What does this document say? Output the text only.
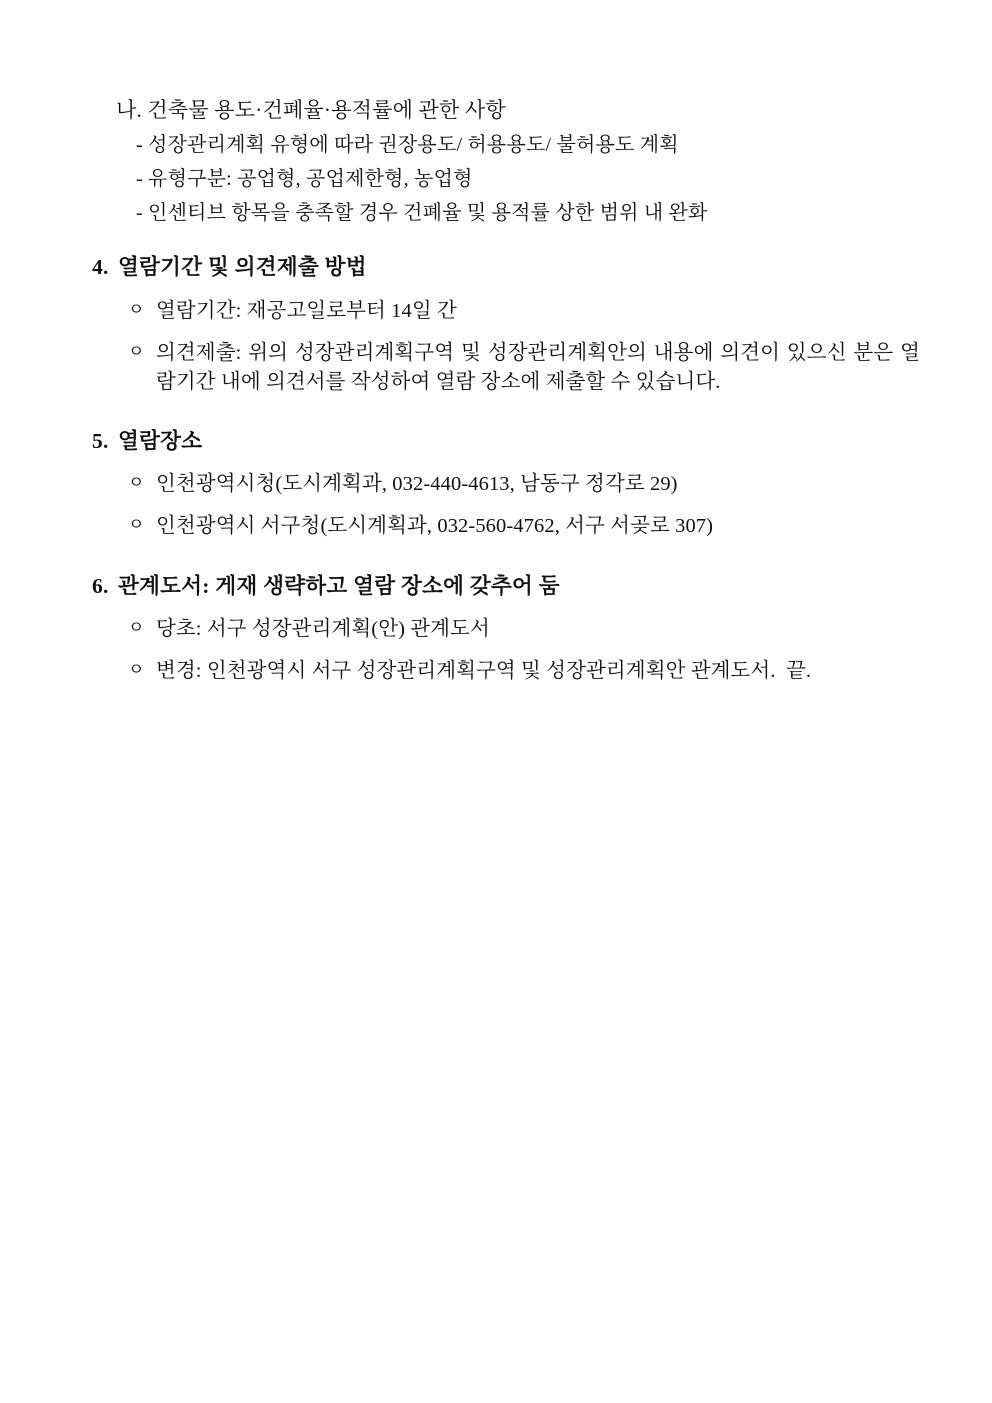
나. 건축물 용도·건폐율·용적률에 관한 사항
- 성장관리계획 유형에 따라 권장용도/ 허용용도/ 불허용도 계획
- 유형구분: 공업형, 공업제한형, 농업형
- 인센티브 항목을 충족할 경우 건폐율 및 용적률 상한 범위 내 완화
4. 열람기간 및 의견제출 방법
ㅇ 열람기간: 재공고일로부터 14일 간
ㅇ 의견제출: 위의 성장관리계획구역 및 성장관리계획안의 내용에 의견이 있으신 분은 열람기간 내에 의견서를 작성하여 열람 장소에 제출할 수 있습니다.
5. 열람장소
ㅇ 인천광역시청(도시계획과, 032-440-4613, 남동구 정각로 29)
ㅇ 인천광역시 서구청(도시계획과, 032-560-4762, 서구 서곶로 307)
6. 관계도서: 게재 생략하고 열람 장소에 갖추어 둠
ㅇ 당초: 서구 성장관리계획(안) 관계도서
ㅇ 변경: 인천광역시 서구 성장관리계획구역 및 성장관리계획안 관계도서.  끝.
